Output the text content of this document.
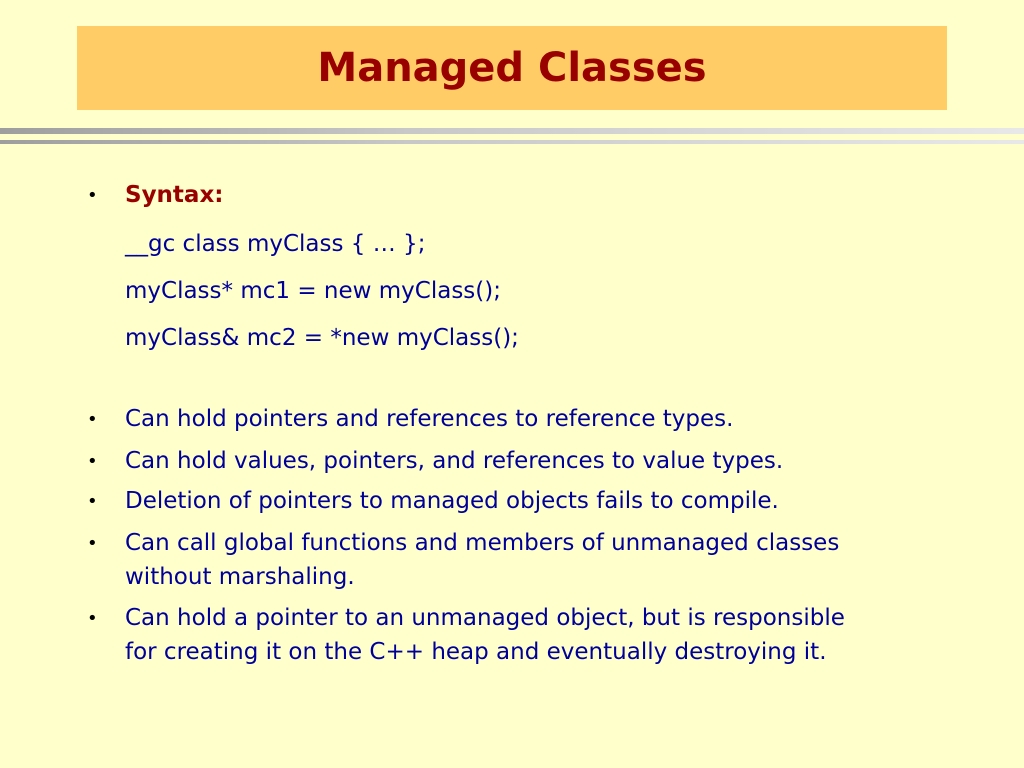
Managed Classes
• Syntax:
__gc class myClass { … };
myClass* mc1 = new myClass();
myClass& mc2 = *new myClass();
• Can hold pointers and references to reference types.
• Can hold values, pointers, and references to value types.
• Deletion of pointers to managed objects fails to compile.
• Can call global functions and members of unmanaged classes
without marshaling.
• Can hold a pointer to an unmanaged object, but is responsible
for creating it on the C++ heap and eventually destroying it.
